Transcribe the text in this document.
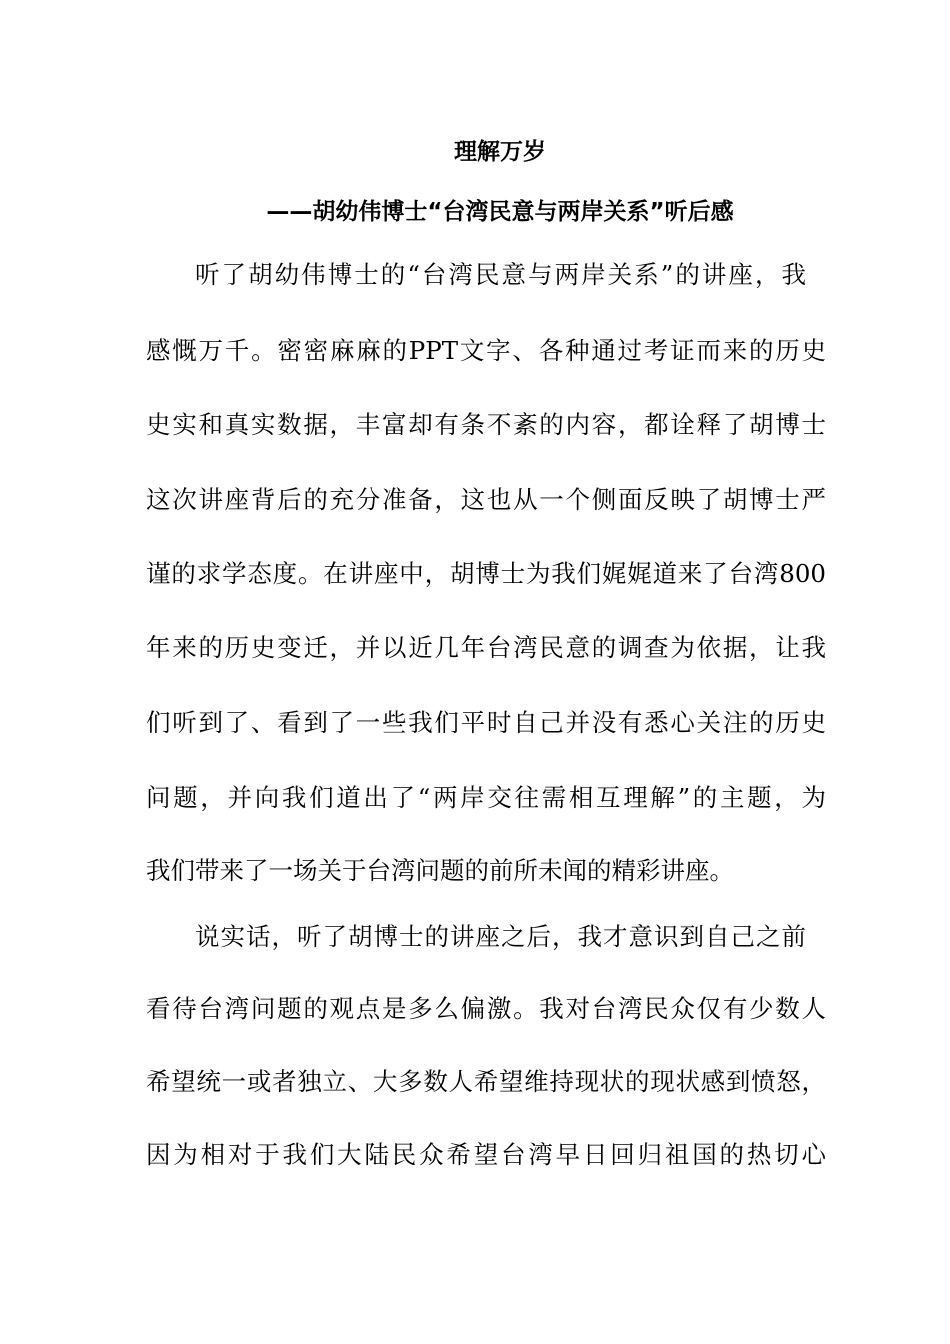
理解万岁
——胡幼伟博士“台湾民意与两岸关系”听后感
听了胡幼伟博士的“台湾民意与两岸关系”的讲座，我
感慨万千。密密麻麻的PPT文字、各种通过考证而来的历史
史实和真实数据，丰富却有条不紊的内容，都诠释了胡博士
这次讲座背后的充分准备，这也从一个侧面反映了胡博士严
谨的求学态度。在讲座中，胡博士为我们娓娓道来了台湾800
年来的历史变迁，并以近几年台湾民意的调查为依据，让我
们听到了、看到了一些我们平时自己并没有悉心关注的历史
问题，并向我们道出了“两岸交往需相互理解”的主题，为
我们带来了一场关于台湾问题的前所未闻的精彩讲座。
说实话，听了胡博士的讲座之后，我才意识到自己之前
看待台湾问题的观点是多么偏激。我对台湾民众仅有少数人
希望统一或者独立、大多数人希望维持现状的现状感到愤怒，
因为相对于我们大陆民众希望台湾早日回归祖国的热切心
